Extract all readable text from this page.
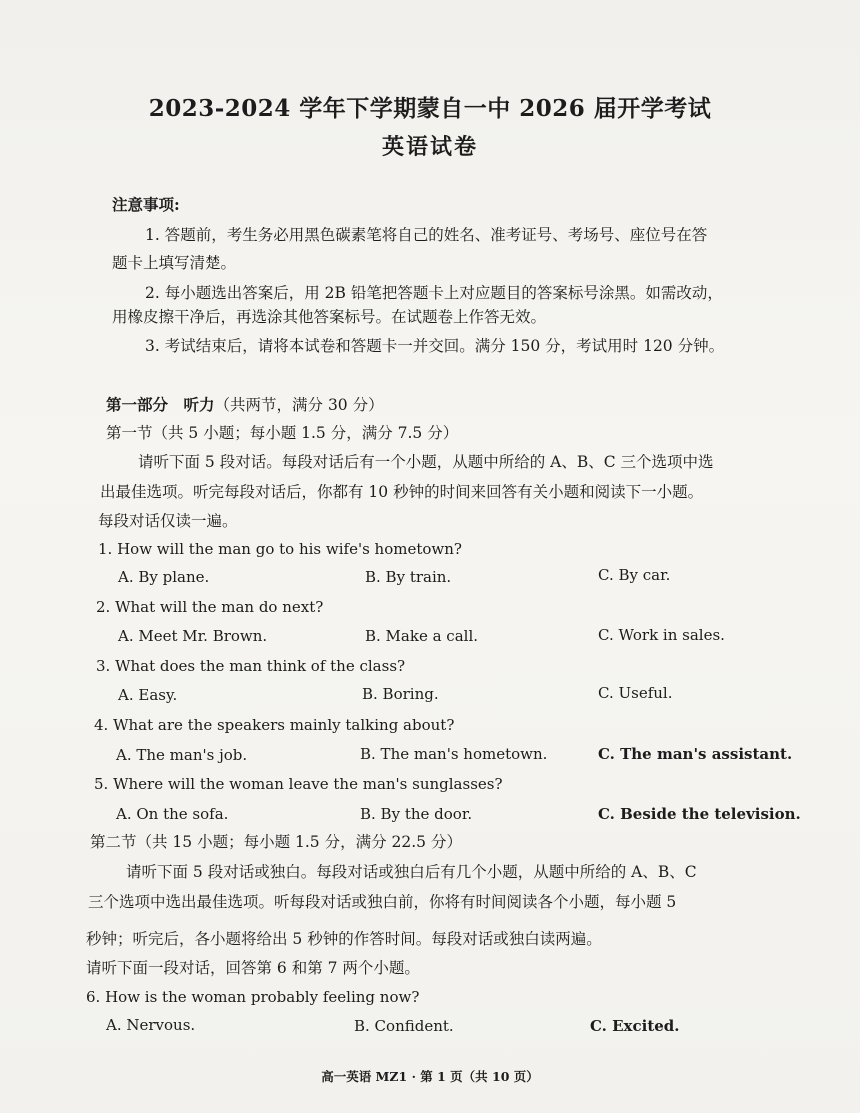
2023-2024 学年下学期蒙自一中 2026 届开学考试
英语试卷
注意事项:
1. 答题前，考生务必用黑色碳素笔将自己的姓名、准考证号、考场号、座位号在答
题卡上填写清楚。
2. 每小题选出答案后，用 2B 铅笔把答题卡上对应题目的答案标号涂黑。如需改动，
用橡皮擦干净后，再选涂其他答案标号。在试题卷上作答无效。
3. 考试结束后，请将本试卷和答题卡一并交回。满分 150 分，考试用时 120 分钟。
第一部分　听力（共两节，满分 30 分）
第一节（共 5 小题；每小题 1.5 分，满分 7.5 分）
请听下面 5 段对话。每段对话后有一个小题，从题中所给的 A、B、C 三个选项中选
出最佳选项。听完每段对话后，你都有 10 秒钟的时间来回答有关小题和阅读下一小题。
每段对话仅读一遍。
1. How will the man go to his wife's hometown?
A. By plane.	B. By train.	C. By car.
2. What will the man do next?
A. Meet Mr. Brown.	B. Make a call.	C. Work in sales.
3. What does the man think of the class?
A. Easy.	B. Boring.	C. Useful.
4. What are the speakers mainly talking about?
A. The man's job.	B. The man's hometown.	C. The man's assistant.
5. Where will the woman leave the man's sunglasses?
A. On the sofa.	B. By the door.	C. Beside the television.
第二节（共 15 小题；每小题 1.5 分，满分 22.5 分）
请听下面 5 段对话或独白。每段对话或独白后有几个小题，从题中所给的 A、B、C
三个选项中选出最佳选项。听每段对话或独白前，你将有时间阅读各个小题，每小题 5
秒钟；听完后，各小题将给出 5 秒钟的作答时间。每段对话或独白读两遍。
请听下面一段对话，回答第 6 和第 7 两个小题。
6. How is the woman probably feeling now?
A. Nervous.	B. Confident.	C. Excited.
高一英语 MZ1 · 第 1 页（共 10 页）
